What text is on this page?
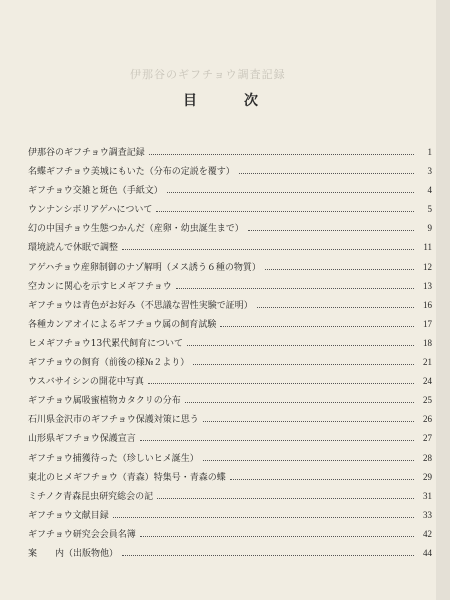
伊那谷のギフチョウ調査記録
目	次
伊那谷のギフチョウ調査記録	1
名蝶ギフチョウ美城にもいた（分布の定説を覆す）	3
ギフチョウ交雑と斑色（手紙文）	4
ウンナンシボリアゲハについて	5
幻の中国チョウ生態つかんだ（産卵・幼虫誕生まで）	9
環境読んで休眠で調整	11
アゲハチョウ産卵制御のナゾ解明（メス誘う６種の物質）	12
空カンに関心を示すヒメギフチョウ	13
ギフチョウは青色がお好み（不思議な習性実験で証明）	16
各種カンアオイによるギフチョウ属の飼育試験	17
ヒメギフチョウ13代累代飼育について	18
ギフチョウの飼育（前後の様№２より）	21
ウスバサイシンの開花中写真	24
ギフチョウ属吸蜜植物カタクリの分布	25
石川県金沢市のギフチョウ保護対策に思う	26
山形県ギフチョウ保護宣言	27
ギフチョウ捕獲待った（珍しいヒメ誕生）	28
東北のヒメギフチョウ（青森）特集号・青森の蝶	29
ミチノク青森昆虫研究総会の記	31
ギフチョウ文献目録	33
ギフチョウ研究会会員名簿	42
案　　内（出版物他）	44
